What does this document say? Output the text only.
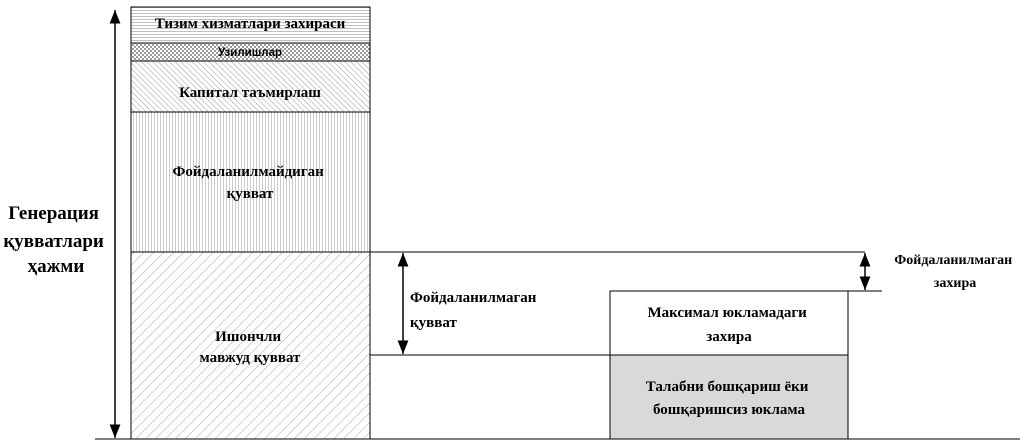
Генерация қувватлари ҳажми
Тизим хизматлари захираси
Узилишлар
Капитал таъмирлаш
Фойдаланилмайдиган қувват
Ишончли мавжуд қувват
Фойдаланилмаган қувват
Максимал юкламадаги захира
Талабни бошқариш ёки бошқаришсиз юклама
Фойдаланилмаган захира
